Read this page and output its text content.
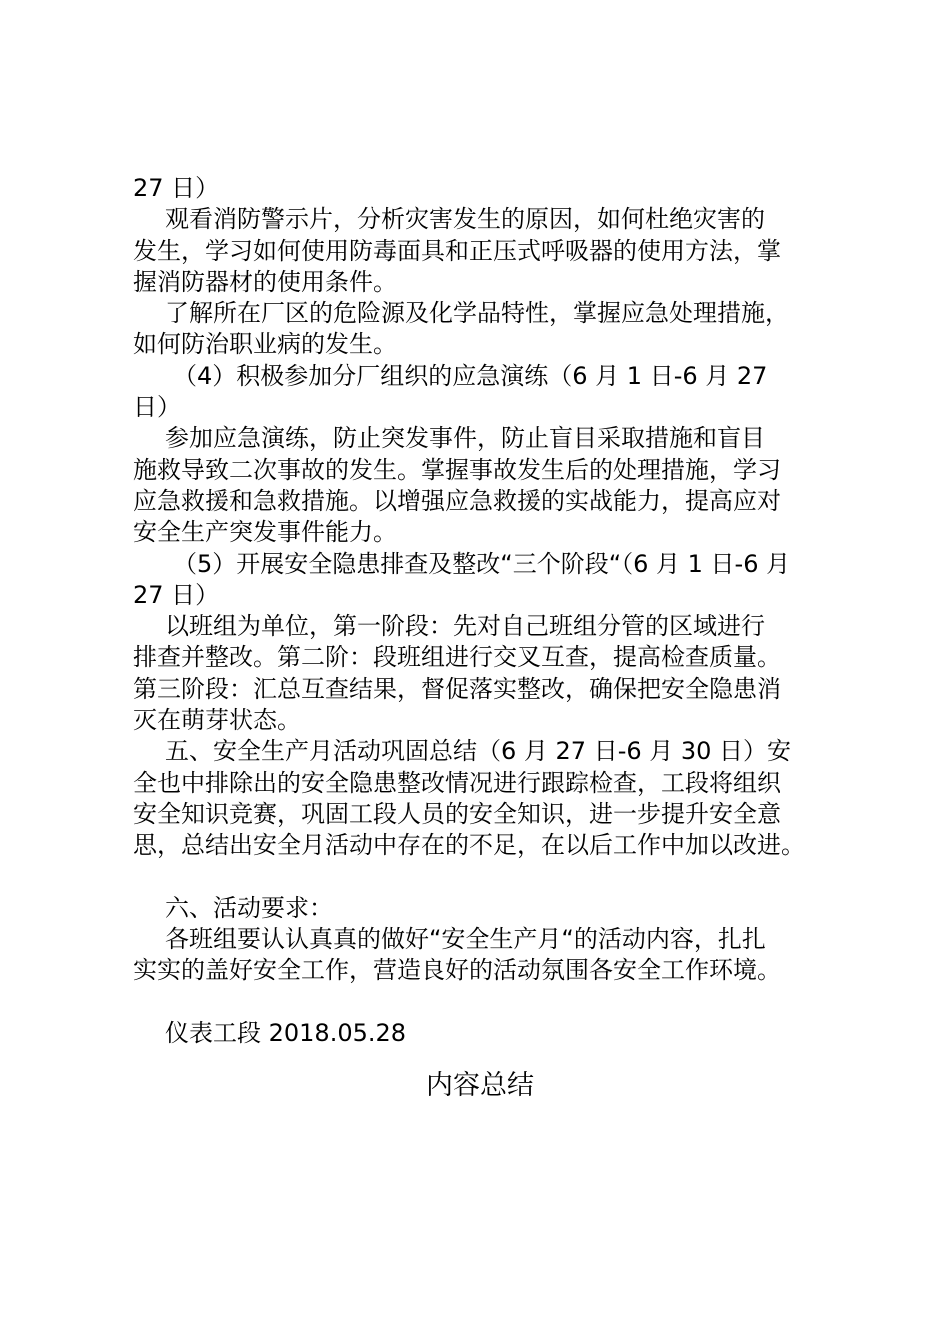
27 日）
观看消防警示片，分析灾害发生的原因，如何杜绝灾害的
发生，学习如何使用防毒面具和正压式呼吸器的使用方法，掌
握消防器材的使用条件。
了解所在厂区的危险源及化学品特性，掌握应急处理措施，
如何防治职业病的发生。
（4）积极参加分厂组织的应急演练（6 月 1 日-6 月 27
日）
参加应急演练，防止突发事件，防止盲目采取措施和盲目
施救导致二次事故的发生。掌握事故发生后的处理措施，学习
应急救援和急救措施。以增强应急救援的实战能力，提高应对
安全生产突发事件能力。
（5）开展安全隐患排查及整改“三个阶段“（6 月 1 日-6 月
27 日）
以班组为单位，第一阶段：先对自己班组分管的区域进行
排查并整改。第二阶：段班组进行交叉互查，提高检查质量。
第三阶段：汇总互查结果，督促落实整改，确保把安全隐患消
灭在萌芽状态。
五、安全生产月活动巩固总结（6 月 27 日-6 月 30 日）安
全也中排除出的安全隐患整改情况进行跟踪检查，工段将组织
安全知识竞赛，巩固工段人员的安全知识，进一步提升安全意
思，总结出安全月活动中存在的不足，在以后工作中加以改进。
六、活动要求：
各班组要认认真真的做好“安全生产月“的活动内容，扎扎
实实的盖好安全工作，营造良好的活动氛围各安全工作环境。
仪表工段 2018.05.28
内容总结
